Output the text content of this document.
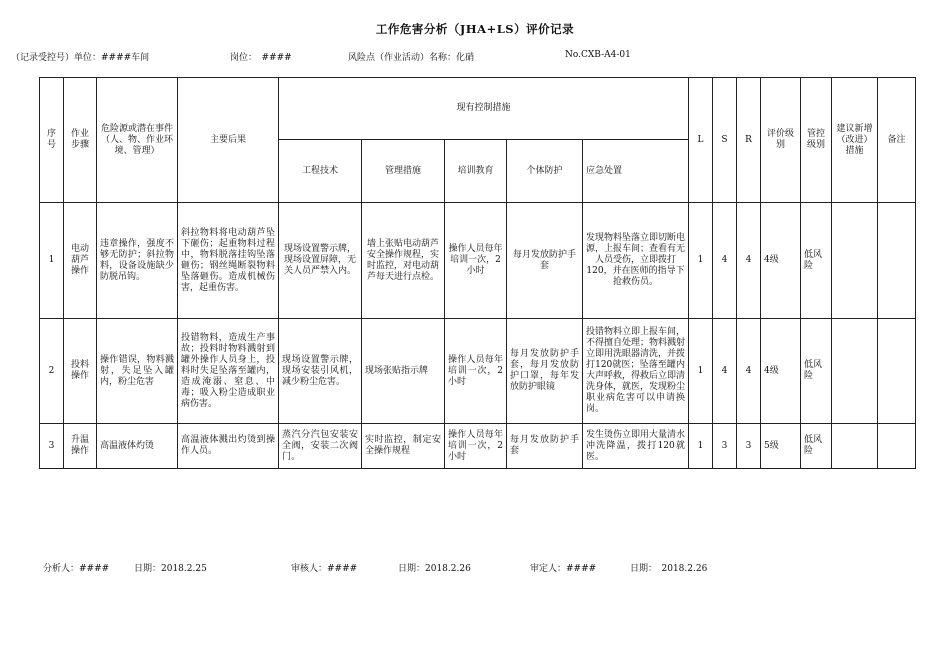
工作危害分析（JHA+LS）评价记录
（记录受控号）单位：####车间	岗位：　####	风险点（作业活动）名称：化硝	No.CXB-A4-01
序号	作业步骤	危险源或潜在事件（人、物、作业环境、管理）	主要后果	现有控制措施					L	S	R	评价级别	管控级别	建议新增（改进）措施	备注
				工程技术	管理措施	培训教育	个体防护	应急处置							
1	电动葫芦操作	违章操作，强度不够无防护；斜拉物料，设备设施缺少防脱吊钩。	斜拉物料将电动葫芦坠下砸伤；起重物料过程中，物料脱落挂钩坠落砸伤；钢丝绳断裂物料坠落砸伤。造成机械伤害，起重伤害。	现场设置警示牌，现场设置屏障，无关人员严禁入内。	墙上张贴电动葫芦安全操作规程，实时监控，对电动葫芦每天进行点检。	操作人员每年培训一次，2小时	每月发放防护手套	发现物料坠落立即切断电源，上报车间；查看有无人员受伤，立即拨打120，并在医师的指导下抢救伤员。	1	4	4	4级	低风险		
2	投料操作	操作错误，物料溅射，失足坠入罐内，粉尘危害	投错物料，造成生产事故；投料时物料溅射到罐外操作人员身上，投料时失足坠落至罐内，造成淹溺、窒息、中毒；吸入粉尘造成职业病伤害。	现场设置警示牌，现场安装引风机，减少粉尘危害。	现场张贴指示牌	操作人员每年培训一次，2小时	每月发放防护手套，每月发放防护口罩，每年发放防护眼镜	投错物料立即上报车间，不得擅自处理；物料溅射立即用洗眼器清洗，并拨打120就医；坠落至罐内大声呼救，得救后立即清洗身体，就医，发现粉尘职业病危害可以申请换岗。	1	4	4	4级	低风险		
3	升温操作	高温液体灼烫	高温液体溅出灼烫到操作人员。	蒸汽分汽包安装安全阀，安装二次阀门。	实时监控，制定安全操作规程	操作人员每年培训一次，2小时	每月发放防护手套	发生烫伤立即用大量清水冲洗降温，拨打120就医。	1	3	3	5级	低风险		
分析人：####	日期：2018.2.25	审核人：####	日期：2018.2.26	审定人：####	日期：　2018.2.26
